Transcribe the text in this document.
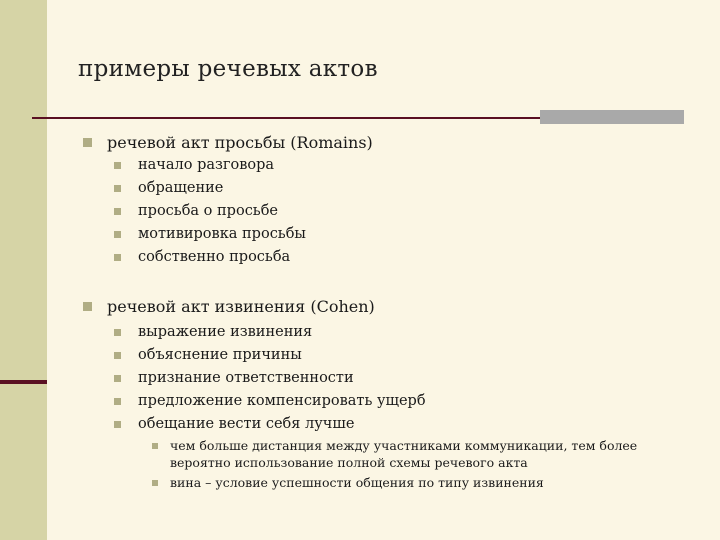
примеры речевых актов
речевой акт просьбы (Romains)
начало разговора
обращение
просьба о просьбе
мотивировка просьбы
собственно просьба
речевой акт извинения (Cohen)
выражение извинения
объяснение причины
признание ответственности
предложение компенсировать ущерб
обещание вести себя лучше
чем больше дистанция между участниками коммуникации, тем более
вероятно использование полной схемы речевого акта
вина – условие успешности общения по типу извинения
